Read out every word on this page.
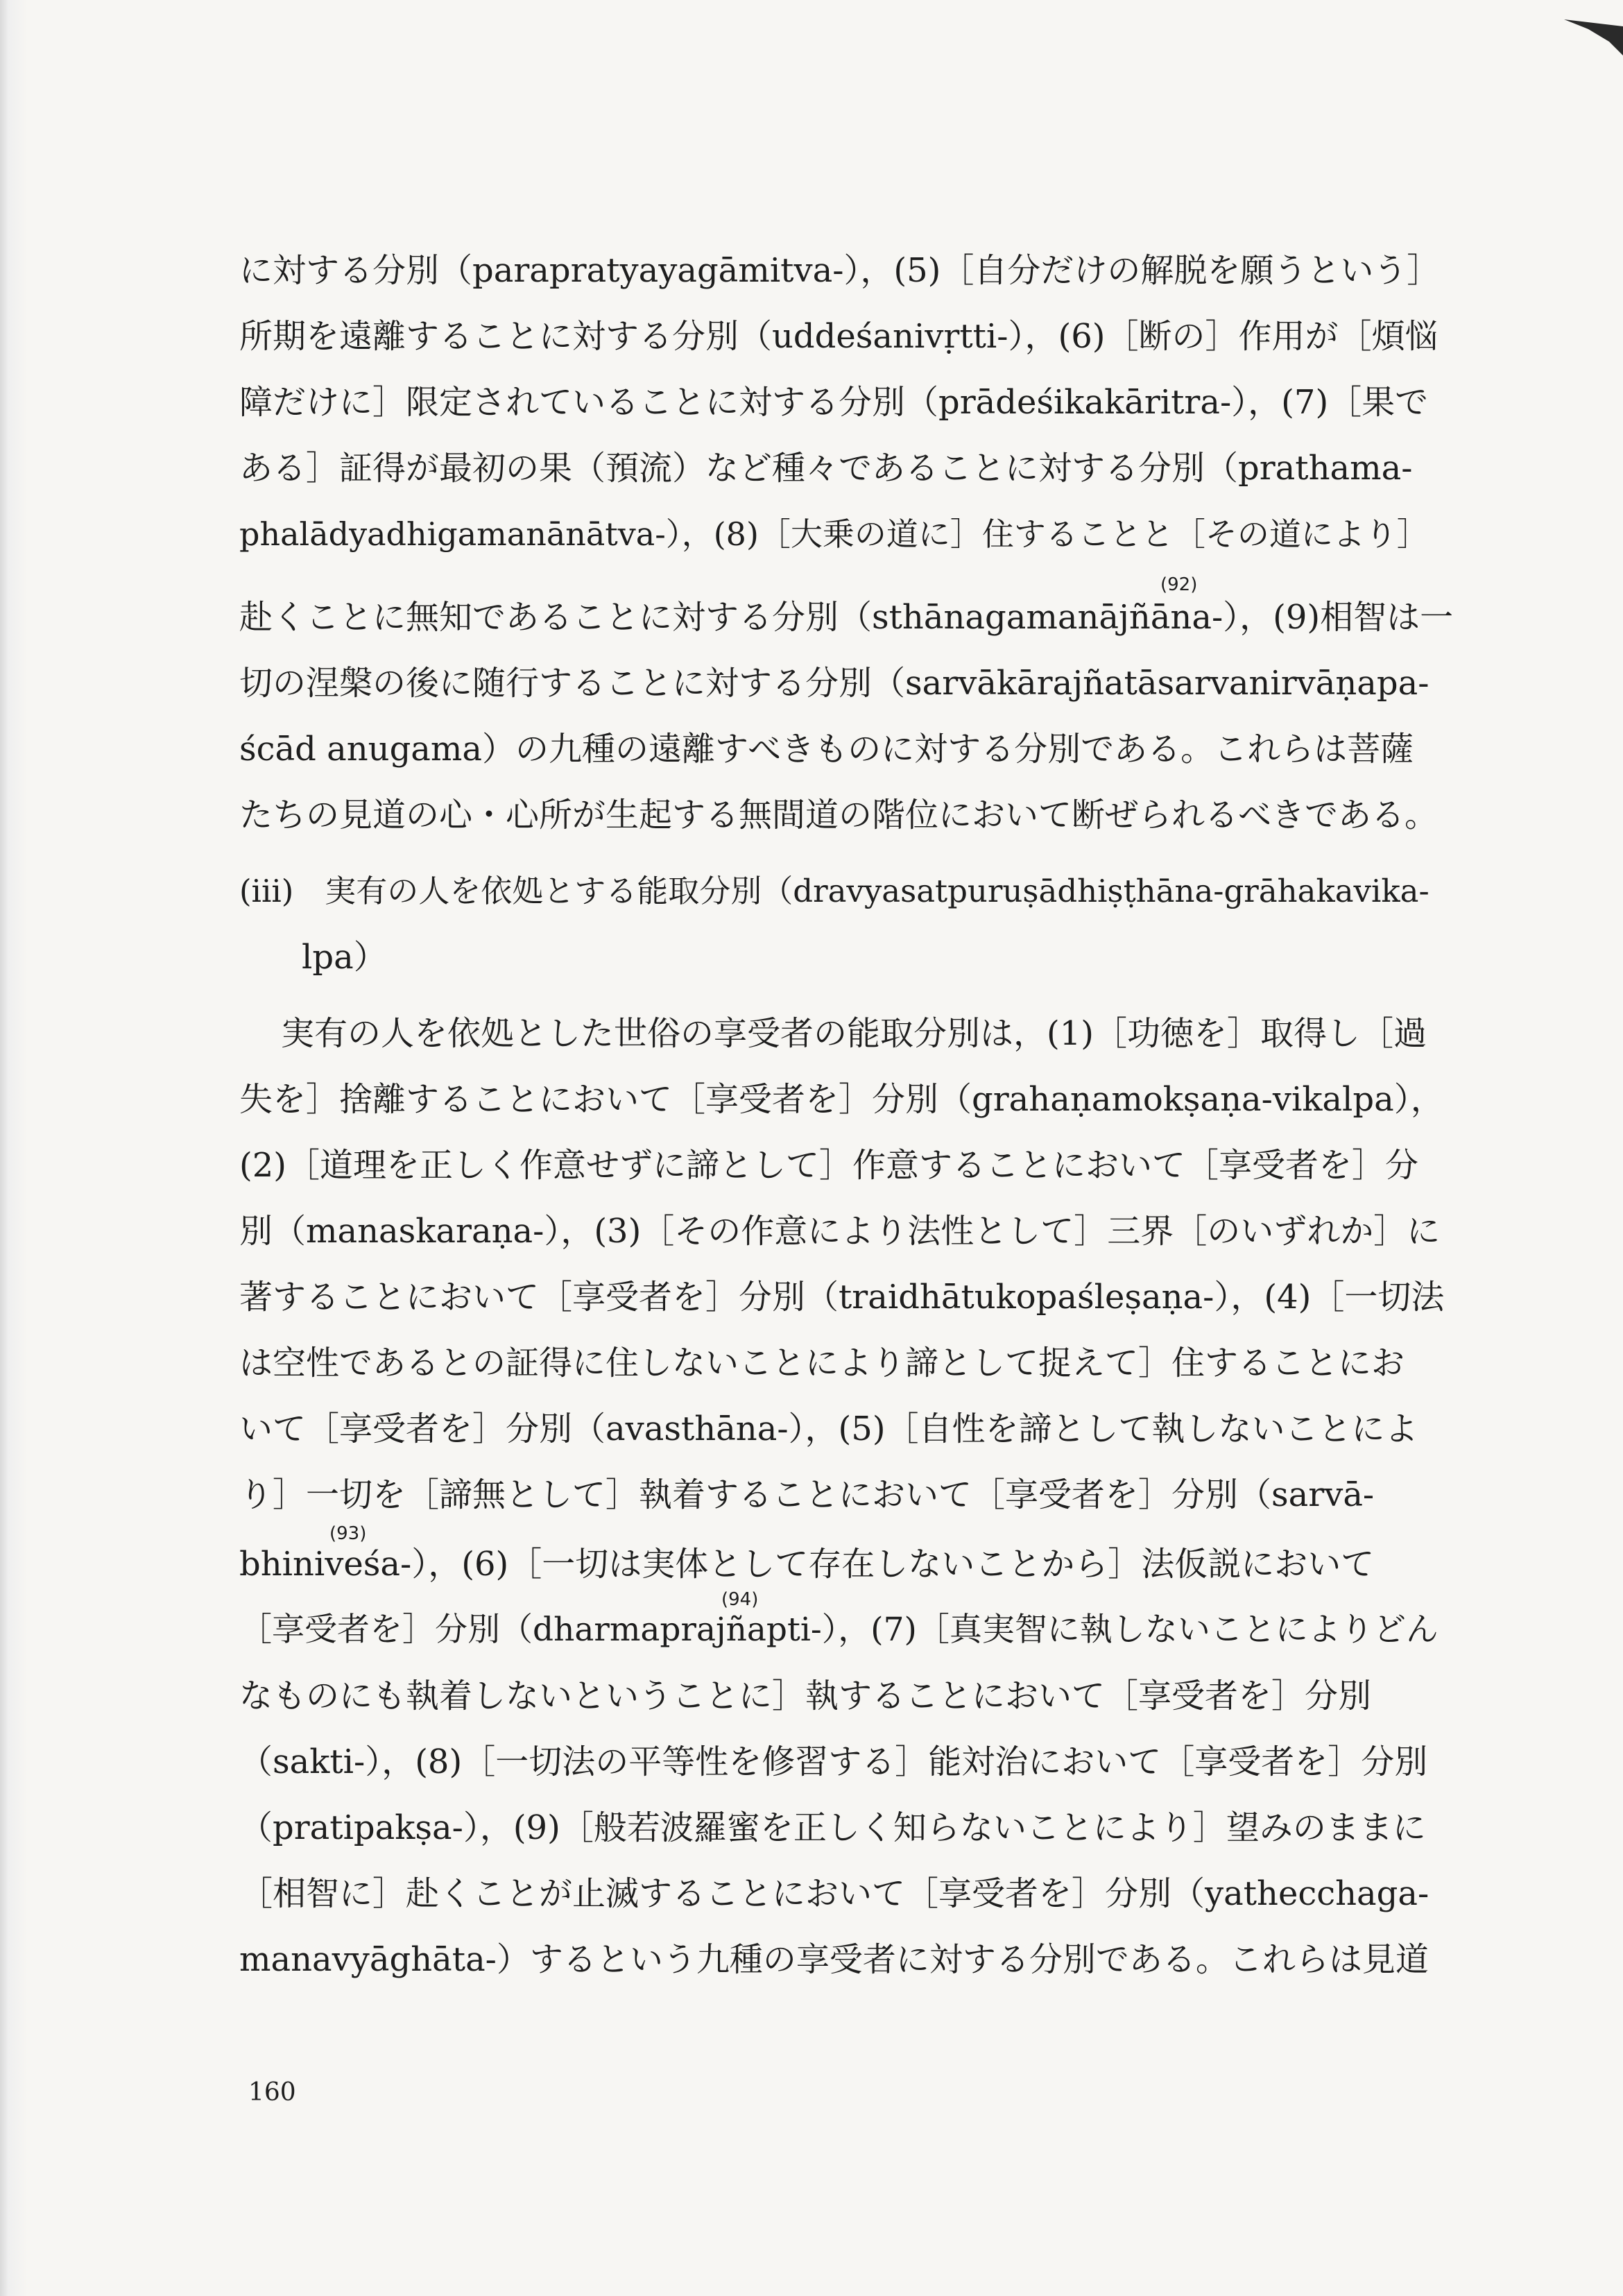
に対する分別（parapratyayagāmitva-），(5)［自分だけの解脱を願うという］
所期を遠離することに対する分別（uddeśanivṛtti-），(6)［断の］作用が［煩悩
障だけに］限定されていることに対する分別（prādeśikakāritra-），(7)［果で
ある］証得が最初の果（預流）など種々であることに対する分別（prathama-
phalādyadhigamanānātva-），(8)［大乗の道に］住することと［その道により］
(92)
赴くことに無知であることに対する分別（sthānagamanājñāna-），(9)相智は一
切の涅槃の後に随行することに対する分別（sarvākārajñatāsarvanirvāṇapa-
ścād anugama）の九種の遠離すべきものに対する分別である。これらは菩薩
たちの見道の心・心所が生起する無間道の階位において断ぜられるべきである。
(iii)　実有の人を依処とする能取分別（dravyasatpuruṣādhiṣṭhāna-grāhakavika-
lpa）
実有の人を依処とした世俗の享受者の能取分別は，(1)［功徳を］取得し［過
失を］捨離することにおいて［享受者を］分別（grahaṇamokṣaṇa-vikalpa），
(2)［道理を正しく作意せずに諦として］作意することにおいて［享受者を］分
別（manaskaraṇa-），(3)［その作意により法性として］三界［のいずれか］に
著することにおいて［享受者を］分別（traidhātukopaśleṣaṇa-），(4)［一切法
は空性であるとの証得に住しないことにより諦として捉えて］住することにお
いて［享受者を］分別（avasthāna-），(5)［自性を諦として執しないことによ
り］一切を［諦無として］執着することにおいて［享受者を］分別（sarvā-
(93)
bhiniveśa-），(6)［一切は実体として存在しないことから］法仮説において
(94)
［享受者を］分別（dharmaprajñapti-），(7)［真実智に執しないことによりどん
なものにも執着しないということに］執することにおいて［享受者を］分別
（sakti-），(8)［一切法の平等性を修習する］能対治において［享受者を］分別
（pratipakṣa-），(9)［般若波羅蜜を正しく知らないことにより］望みのままに
［相智に］赴くことが止滅することにおいて［享受者を］分別（yathecchaga-
manavyāghāta-）するという九種の享受者に対する分別である。これらは見道
160
